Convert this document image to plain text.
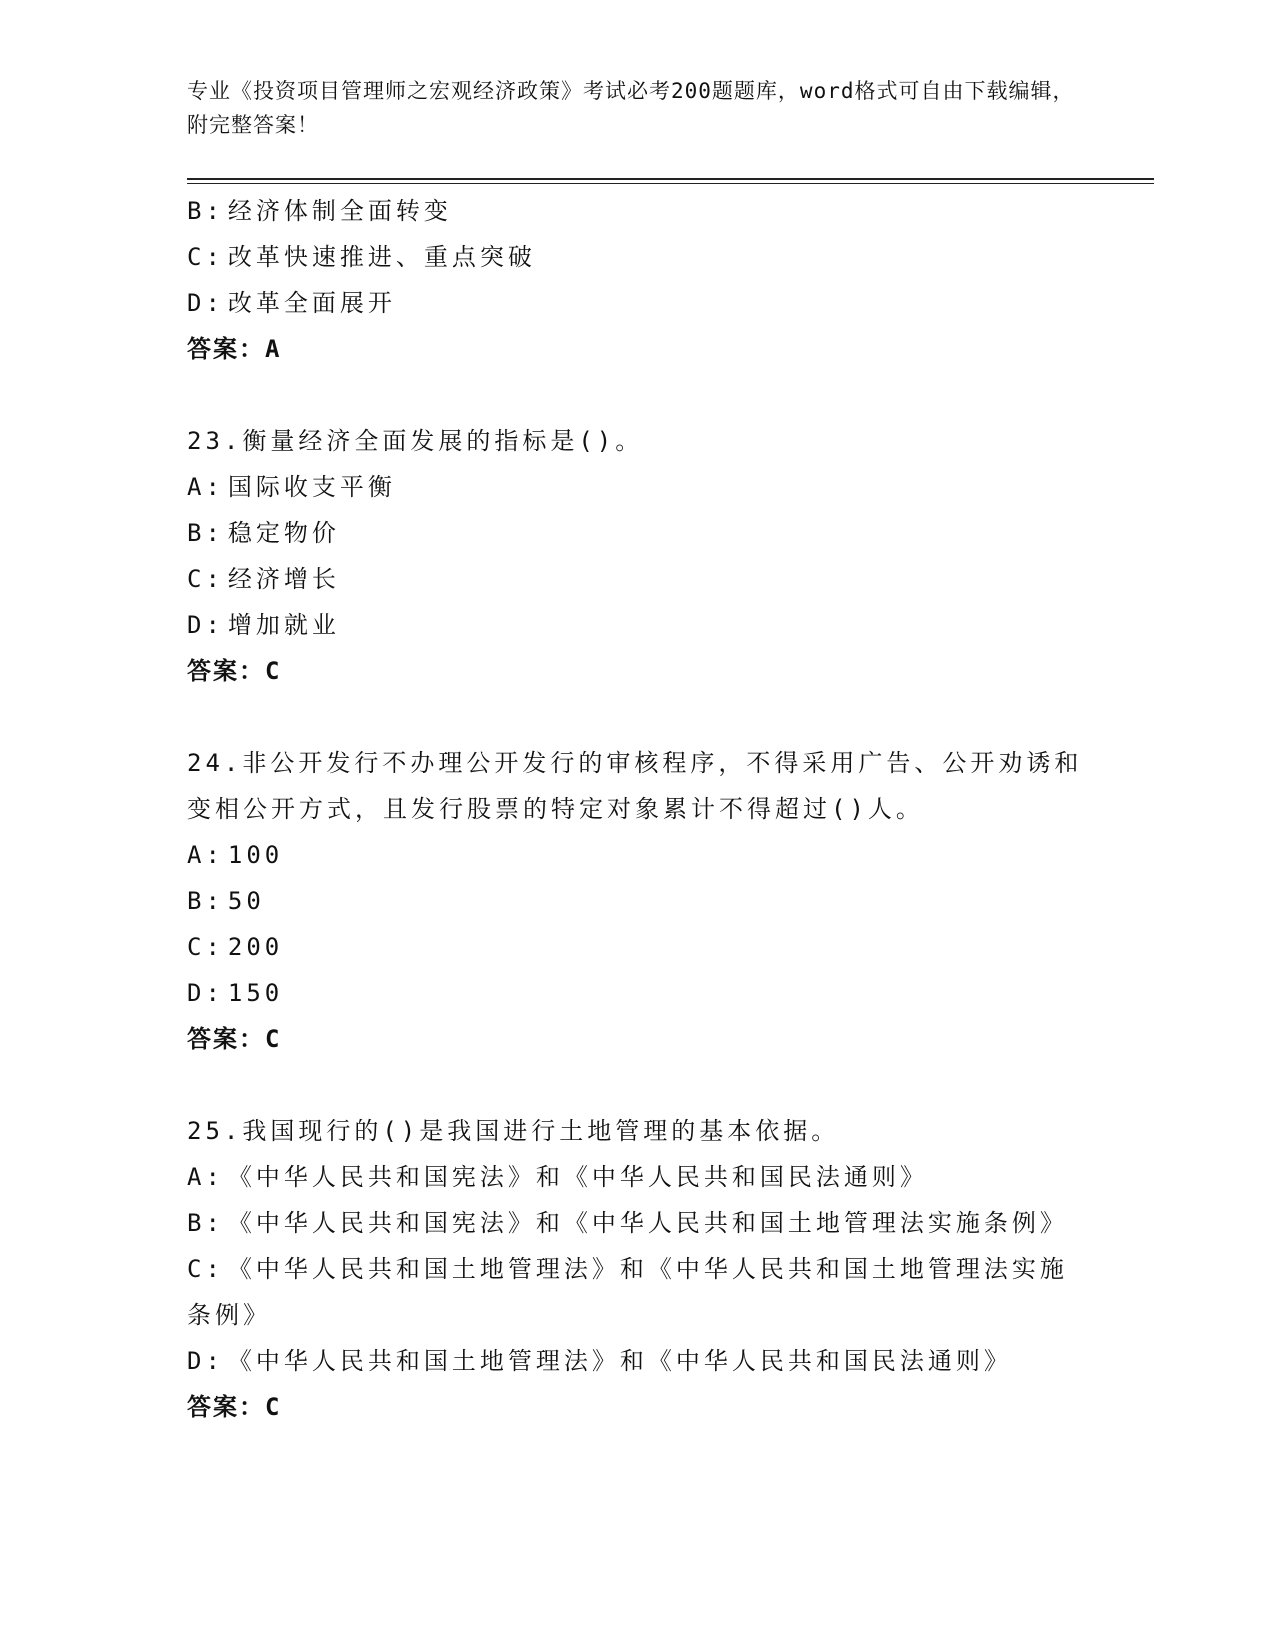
专业《投资项目管理师之宏观经济政策》考试必考200题题库，word格式可自由下载编辑，附完整答案！
B: 经济体制全面转变
C: 改革快速推进、重点突破
D: 改革全面展开
答案：A
23.衡量经济全面发展的指标是()。
A: 国际收支平衡
B: 稳定物价
C: 经济增长
D: 增加就业
答案：C
24.非公开发行不办理公开发行的审核程序，不得采用广告、公开劝诱和变相公开方式，且发行股票的特定对象累计不得超过()人。
A: 100
B: 50
C: 200
D: 150
答案：C
25.我国现行的()是我国进行土地管理的基本依据。
A: 《中华人民共和国宪法》和《中华人民共和国民法通则》
B: 《中华人民共和国宪法》和《中华人民共和国土地管理法实施条例》
C: 《中华人民共和国土地管理法》和《中华人民共和国土地管理法实施条例》
D: 《中华人民共和国土地管理法》和《中华人民共和国民法通则》
答案：C
